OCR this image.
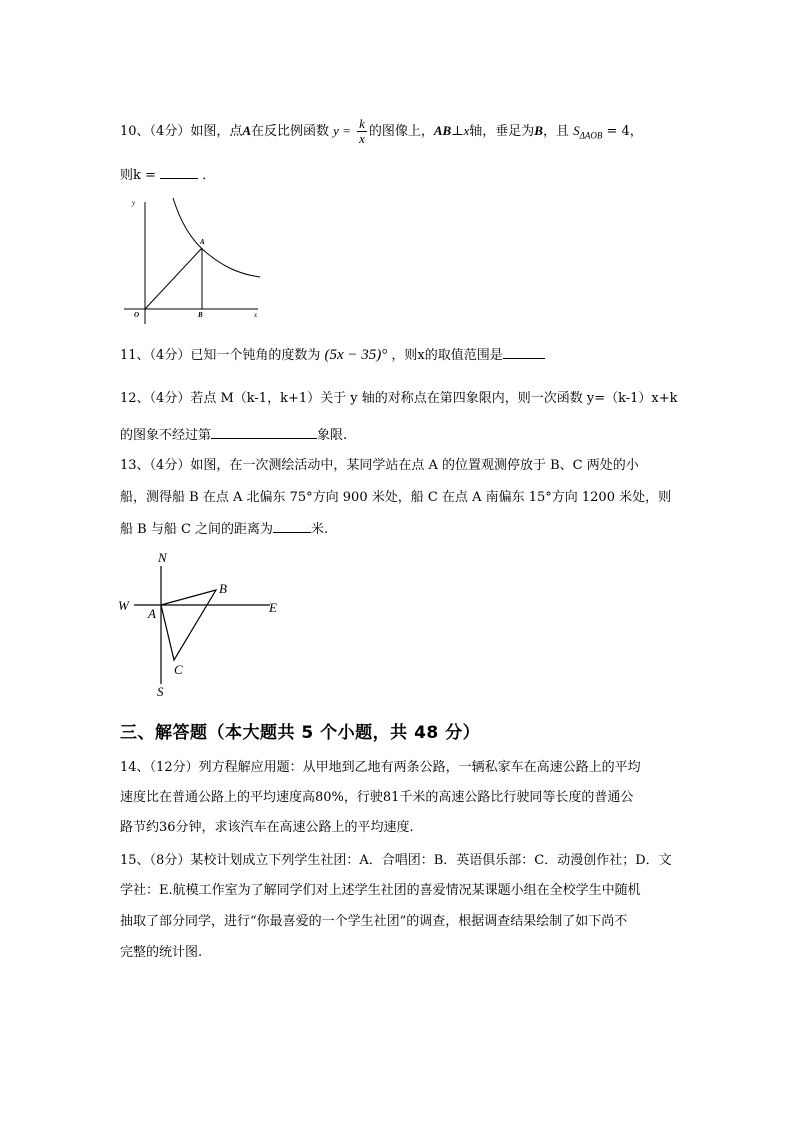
10、（4分）如图，点A在反比例函数 $y = \frac{k}{x}$ 的图像上，AB⊥x轴，垂足为B，且 $S_{\Delta AOB} = 4$，
则k =	．
y
O	x
A
B
11、（4分）已知一个钝角的度数为 (5x − 35)° ，则x的取值范围是
12、（4分）若点 M（k-1，k+1）关于 y 轴的对称点在第四象限内，则一次函数 y=（k-1）x+k
的图象不经过第	象限.
13、（4分）如图，在一次测绘活动中，某同学站在点 A 的位置观测停放于 B、C 两处的小
船，测得船 B 在点 A 北偏东 75°方向 900 米处，船 C 在点 A 南偏东 15°方向 1200 米处，则
船 B 与船 C 之间的距离为	米.
N
S
W	E
A
B
C
三、解答题（本大题共 5 个小题，共 48 分）
14、（12分）列方程解应用题：从甲地到乙地有两条公路，一辆私家车在高速公路上的平均
速度比在普通公路上的平均速度高80%，行驶81千米的高速公路比行驶同等长度的普通公
路节约36分钟，求该汽车在高速公路上的平均速度.
15、（8分）某校计划成立下列学生社团：A．合唱团：B．英语俱乐部：C．动漫创作社；D．文
学社：E.航模工作室为了解同学们对上述学生社团的喜爱情况某课题小组在全校学生中随机
抽取了部分同学，进行“你最喜爱的一个学生社团”的调查，根据调查结果绘制了如下尚不
完整的统计图.
